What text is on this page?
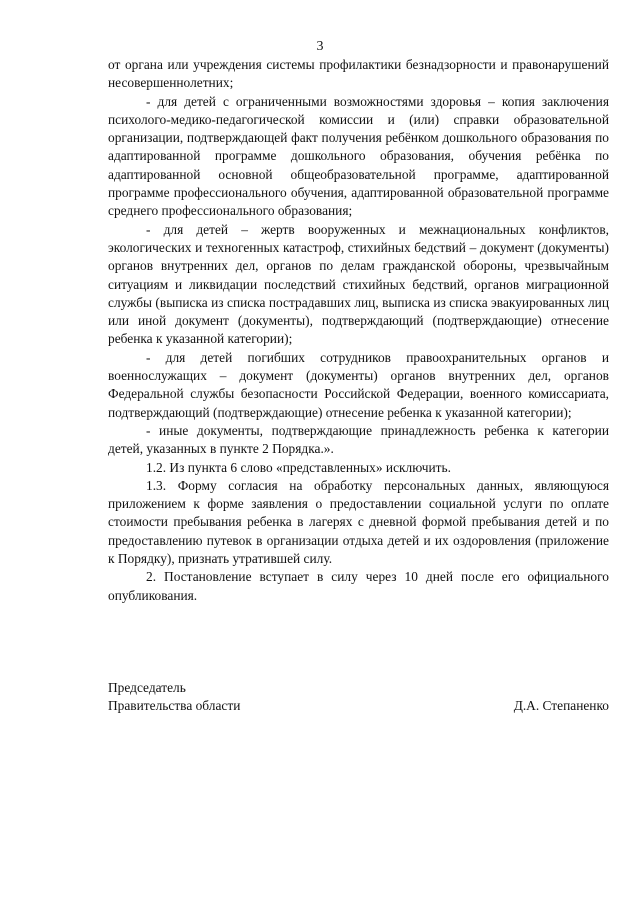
3

от органа или учреждения системы профилактики безнадзорности и правонарушений несовершеннолетних;

- для детей с ограниченными возможностями здоровья – копия заключения психолого-медико-педагогической комиссии и (или) справки образовательной организации, подтверждающей факт получения ребёнком дошкольного образования по адаптированной программе дошкольного образования, обучения ребёнка по адаптированной основной общеобразовательной программе, адаптированной программе профессионального обучения, адаптированной образовательной программе среднего профессионального образования;

- для детей – жертв вооруженных и межнациональных конфликтов, экологических и техногенных катастроф, стихийных бедствий – документ (документы) органов внутренних дел, органов по делам гражданской обороны, чрезвычайным ситуациям и ликвидации последствий стихийных бедствий, органов миграционной службы (выписка из списка пострадавших лиц, выписка из списка эвакуированных лиц или иной документ (документы), подтверждающий (подтверждающие) отнесение ребенка к указанной категории);

- для детей погибших сотрудников правоохранительных органов и военнослужащих – документ (документы) органов внутренних дел, органов Федеральной службы безопасности Российской Федерации, военного комиссариата, подтверждающий (подтверждающие) отнесение ребенка к указанной категории);

- иные документы, подтверждающие принадлежность ребенка к категории детей, указанных в пункте 2 Порядка.».

1.2. Из пункта 6 слово «представленных» исключить.

1.3. Форму согласия на обработку персональных данных, являющуюся приложением к форме заявления о предоставлении социальной услуги по оплате стоимости пребывания ребенка в лагерях с дневной формой пребывания детей и по предоставлению путевок в организации отдыха детей и их оздоровления (приложение к Порядку), признать утратившей силу.

2. Постановление вступает в силу через 10 дней после его официального опубликования.

Председатель
Правительства области	Д.А. Степаненко
